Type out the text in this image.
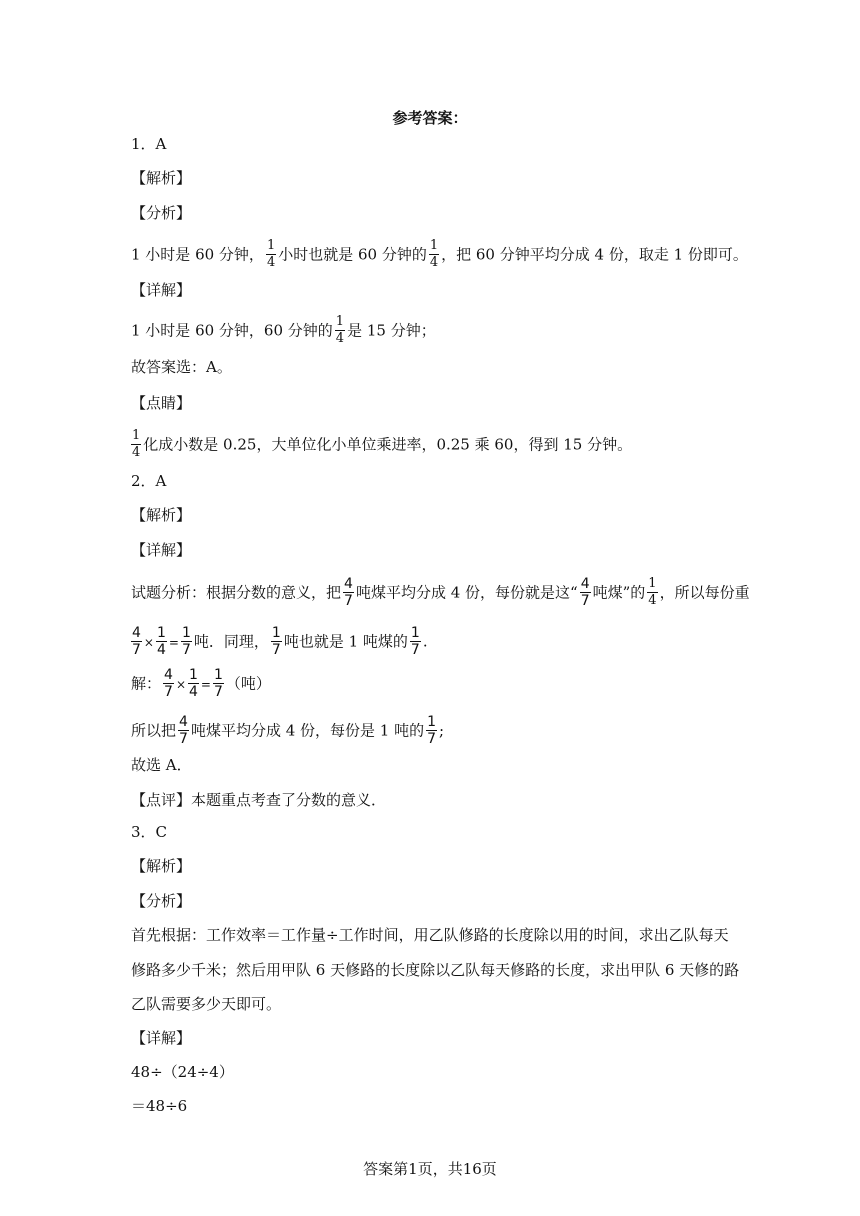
参考答案：
1．A
【解析】
【分析】
1 小时是 60 分钟， $\frac{1}{4}$ 小时也就是 60 分钟的 $\frac{1}{4}$ ，把 60 分钟平均分成 4 份，取走 1 份即可。
【详解】
1 小时是 60 分钟，60 分钟的 $\frac{1}{4}$ 是 15 分钟；
故答案选：A。
【点睛】
$\frac{1}{4}$ 化成小数是 0.25，大单位化小单位乘进率，0.25 乘 60，得到 15 分钟。
2．A
【解析】
【详解】
试题分析：根据分数的意义，把 $\frac{4}{7}$ 吨煤平均分成 4 份，每份就是这“ $\frac{4}{7}$ 吨煤”的 $\frac{1}{4}$ ，所以每份重
$\frac{4}{7} \times \frac{1}{4} = \frac{1}{7}$ 吨．同理， $\frac{1}{7}$ 吨也就是 1 吨煤的 $\frac{1}{7}$ .
解： $\frac{4}{7} \times \frac{1}{4} = \frac{1}{7}$ （吨）
所以把 $\frac{4}{7}$ 吨煤平均分成 4 份，每份是 1 吨的 $\frac{1}{7}$ ;
故选 A．
【点评】本题重点考查了分数的意义．
3．C
【解析】
【分析】
首先根据：工作效率＝工作量÷工作时间，用乙队修路的长度除以用的时间，求出乙队每天
修路多少千米；然后用甲队 6 天修路的长度除以乙队每天修路的长度，求出甲队 6 天修的路
乙队需要多少天即可。
【详解】
48÷（24÷4）
＝48÷6
答案第1页，共16页
